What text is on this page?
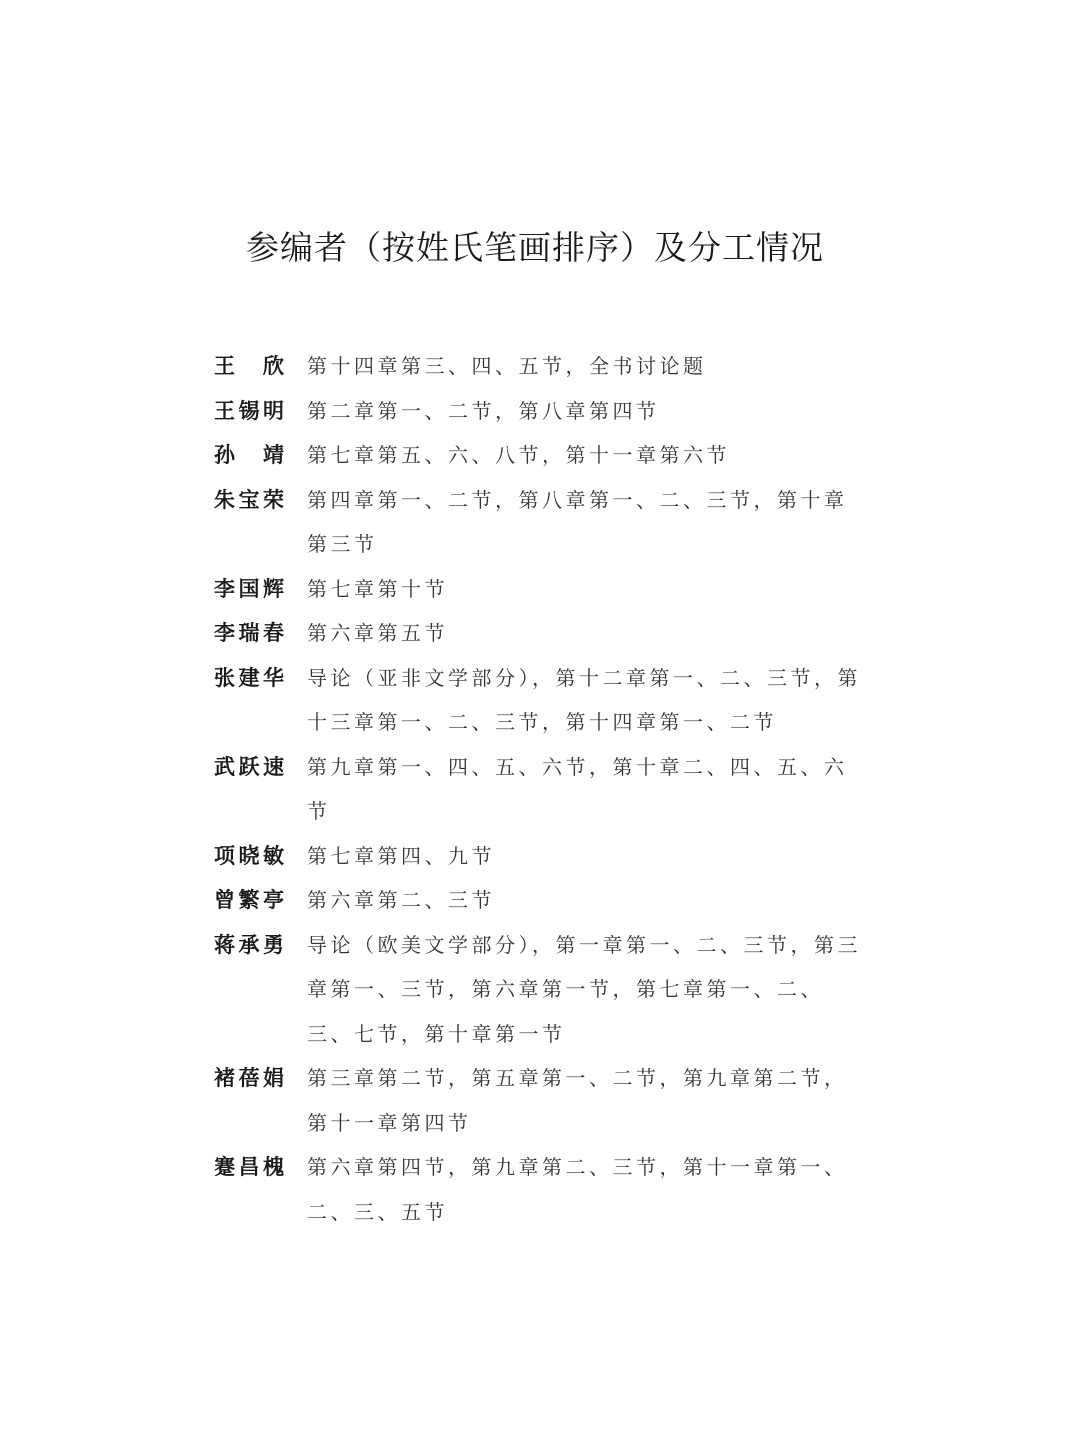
参编者（按姓氏笔画排序）及分工情况
王 欣 第十四章第三、四、五节，全书讨论题
王锡明 第二章第一、二节，第八章第四节
孙 靖 第七章第五、六、八节，第十一章第六节
朱宝荣 第四章第一、二节，第八章第一、二、三节，第十章第三节
李国辉 第七章第十节
李瑞春 第六章第五节
张建华 导论（亚非文学部分），第十二章第一、二、三节，第十三章第一、二、三节，第十四章第一、二节
武跃速 第九章第一、四、五、六节，第十章二、四、五、六节
项晓敏 第七章第四、九节
曾繁亭 第六章第二、三节
蒋承勇 导论（欧美文学部分），第一章第一、二、三节，第三章第一、三节，第六章第一节，第七章第一、二、三、七节，第十章第一节
褚蓓娟 第三章第二节，第五章第一、二节，第九章第二节，第十一章第四节
蹇昌槐 第六章第四节，第九章第二、三节，第十一章第一、二、三、五节
